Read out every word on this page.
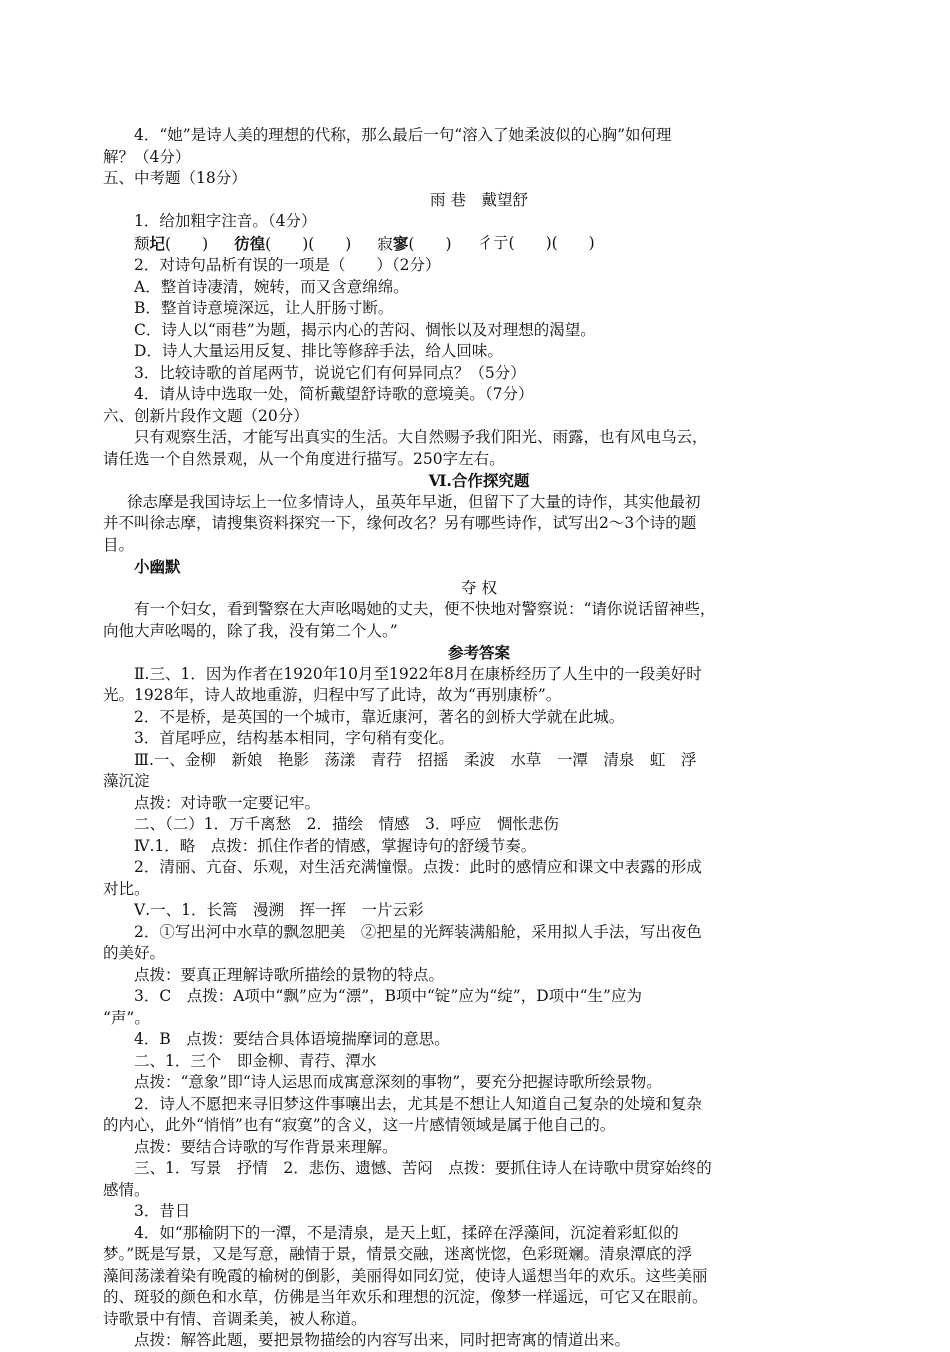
4．“她”是诗人美的理想的代称，那么最后一句“溶入了她柔波似的心胸”如何理
解？（4分）
五、中考题（18分）
雨 巷　戴望舒
1．给加粗字注音。（4分）
颓圮(　　) 彷徨(　　)(　　) 寂寥(　　) 彳亍(　　)(　　)
2．对诗句品析有误的一项是（　　）（2分）
A．整首诗凄清，婉转，而又含意绵绵。
B．整首诗意境深远，让人肝肠寸断。
C．诗人以“雨巷”为题，揭示内心的苦闷、惆怅以及对理想的渴望。
D．诗人大量运用反复、排比等修辞手法，给人回味。
3．比较诗歌的首尾两节，说说它们有何异同点？（5分）
4．请从诗中选取一处，简析戴望舒诗歌的意境美。（7分）
六、创新片段作文题（20分）
只有观察生活，才能写出真实的生活。大自然赐予我们阳光、雨露，也有风电乌云，
请任选一个自然景观，从一个角度进行描写。250字左右。
Ⅵ.合作探究题
徐志摩是我国诗坛上一位多情诗人，虽英年早逝，但留下了大量的诗作，其实他最初
并不叫徐志摩，请搜集资料探究一下，缘何改名？另有哪些诗作，试写出2～3个诗的题
目。
小幽默
夺 权
有一个妇女，看到警察在大声吆喝她的丈夫，便不快地对警察说：“请你说话留神些，
向他大声吆喝的，除了我，没有第二个人。”
参考答案
Ⅱ.三、1．因为作者在1920年10月至1922年8月在康桥经历了人生中的一段美好时
光。1928年，诗人故地重游，归程中写了此诗，故为“再别康桥”。
2．不是桥，是英国的一个城市，靠近康河，著名的剑桥大学就在此城。
3．首尾呼应，结构基本相同，字句稍有变化。
Ⅲ.一、金柳　新娘　艳影　荡漾　青荇　招摇　柔波　水草　一潭　清泉　虹　浮
藻沉淀
点拨：对诗歌一定要记牢。
二、（二）1．万千离愁　2．描绘　情感　3．呼应　惆怅悲伤
Ⅳ.1．略　点拨：抓住作者的情感，掌握诗句的舒缓节奏。
2．清丽、亢奋、乐观，对生活充满憧憬。点拨：此时的感情应和课文中表露的形成
对比。
Ⅴ.一、1．长篙　漫溯　挥一挥　一片云彩
2．①写出河中水草的飘忽肥美　②把星的光辉装满船舱，采用拟人手法，写出夜色
的美好。
点拨：要真正理解诗歌所描绘的景物的特点。
3．C　点拨：A项中“飘”应为“漂”，B项中“锭”应为“绽”，D项中“生”应为
“声”。
4．B　点拨：要结合具体语境揣摩词的意思。
二、1．三个　即金柳、青荇、潭水
点拨：“意象”即“诗人运思而成寓意深刻的事物”，要充分把握诗歌所绘景物。
2．诗人不愿把来寻旧梦这件事嚷出去，尤其是不想让人知道自己复杂的处境和复杂
的内心，此外“悄悄”也有“寂寞”的含义，这一片感情领域是属于他自己的。
点拨：要结合诗歌的写作背景来理解。
三、1．写景　抒情　2．悲伤、遗憾、苦闷　点拨：要抓住诗人在诗歌中贯穿始终的
感情。
3．昔日
4．如“那榆阴下的一潭，不是清泉，是天上虹，揉碎在浮藻间，沉淀着彩虹似的
梦。”既是写景，又是写意，融情于景，情景交融，迷离恍惚，色彩斑斓。清泉潭底的浮
藻间荡漾着染有晚霞的榆树的倒影，美丽得如同幻觉，使诗人遥想当年的欢乐。这些美丽
的、斑驳的颜色和水草，仿佛是当年欢乐和理想的沉淀，像梦一样遥远，可它又在眼前。
诗歌景中有情、音调柔美，被人称道。
点拨：解答此题，要把景物描绘的内容写出来，同时把寄寓的情道出来。
